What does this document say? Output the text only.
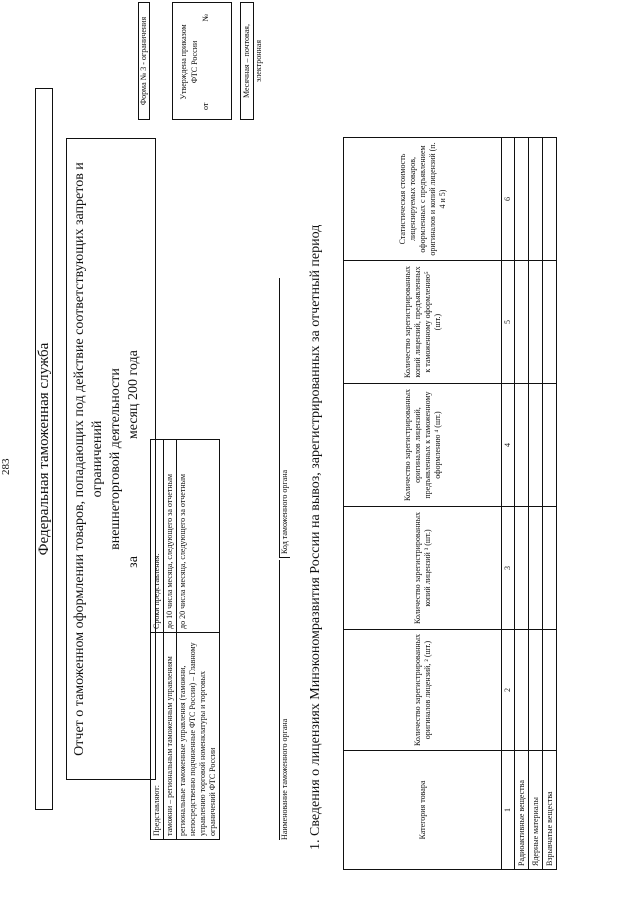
283 Федеральная таможенная служба Отчет о таможенном оформлении товаров, попадающих под действие соответствующих запретов и ограничений внешнеторговой деятельности
за  месяц 200 года
Форма № 3 - ограничения	Утверждена приказом ФТС России
от
№
Месячная – почтовая, электронная
Представляют:	Сроки представления:
таможни – региональным таможенным управлениям	до 10 числа месяца, следующего за отчетным
региональные таможенные управления (таможни, непосредственно подчиненные ФТС России) – Главному управлению торговой номенклатуры и торговых ограничений ФТС России	до 20 числа месяца, следующего за отчетным
Наименование таможенного органа
Код таможенного органа 1. Сведения о лицензиях Минэкономразвития России на вывоз, зарегистрированных за отчетный период	Категория товара	Количество зарегистрированных оригиналов лицензий, ² (шт.)	Количество зарегистрированных копий лицензий ³ (шт.)	Количество зарегистрированных оригиналов лицензий, предъявленных к таможенному оформлению ⁴ (шт.)	Количество зарегистрированных копий лицензий, предъявленных к таможенному оформлению⁵ (шт.)	Статистическая стоимость лицензируемых товаров, оформленных с предъявлением оригиналов и копий лицензий (п. 4 и 5)
1	2	3	4	5	6
Радиоактивные вещества					
Ядерные материалы					
Взрывчатые вещества					
